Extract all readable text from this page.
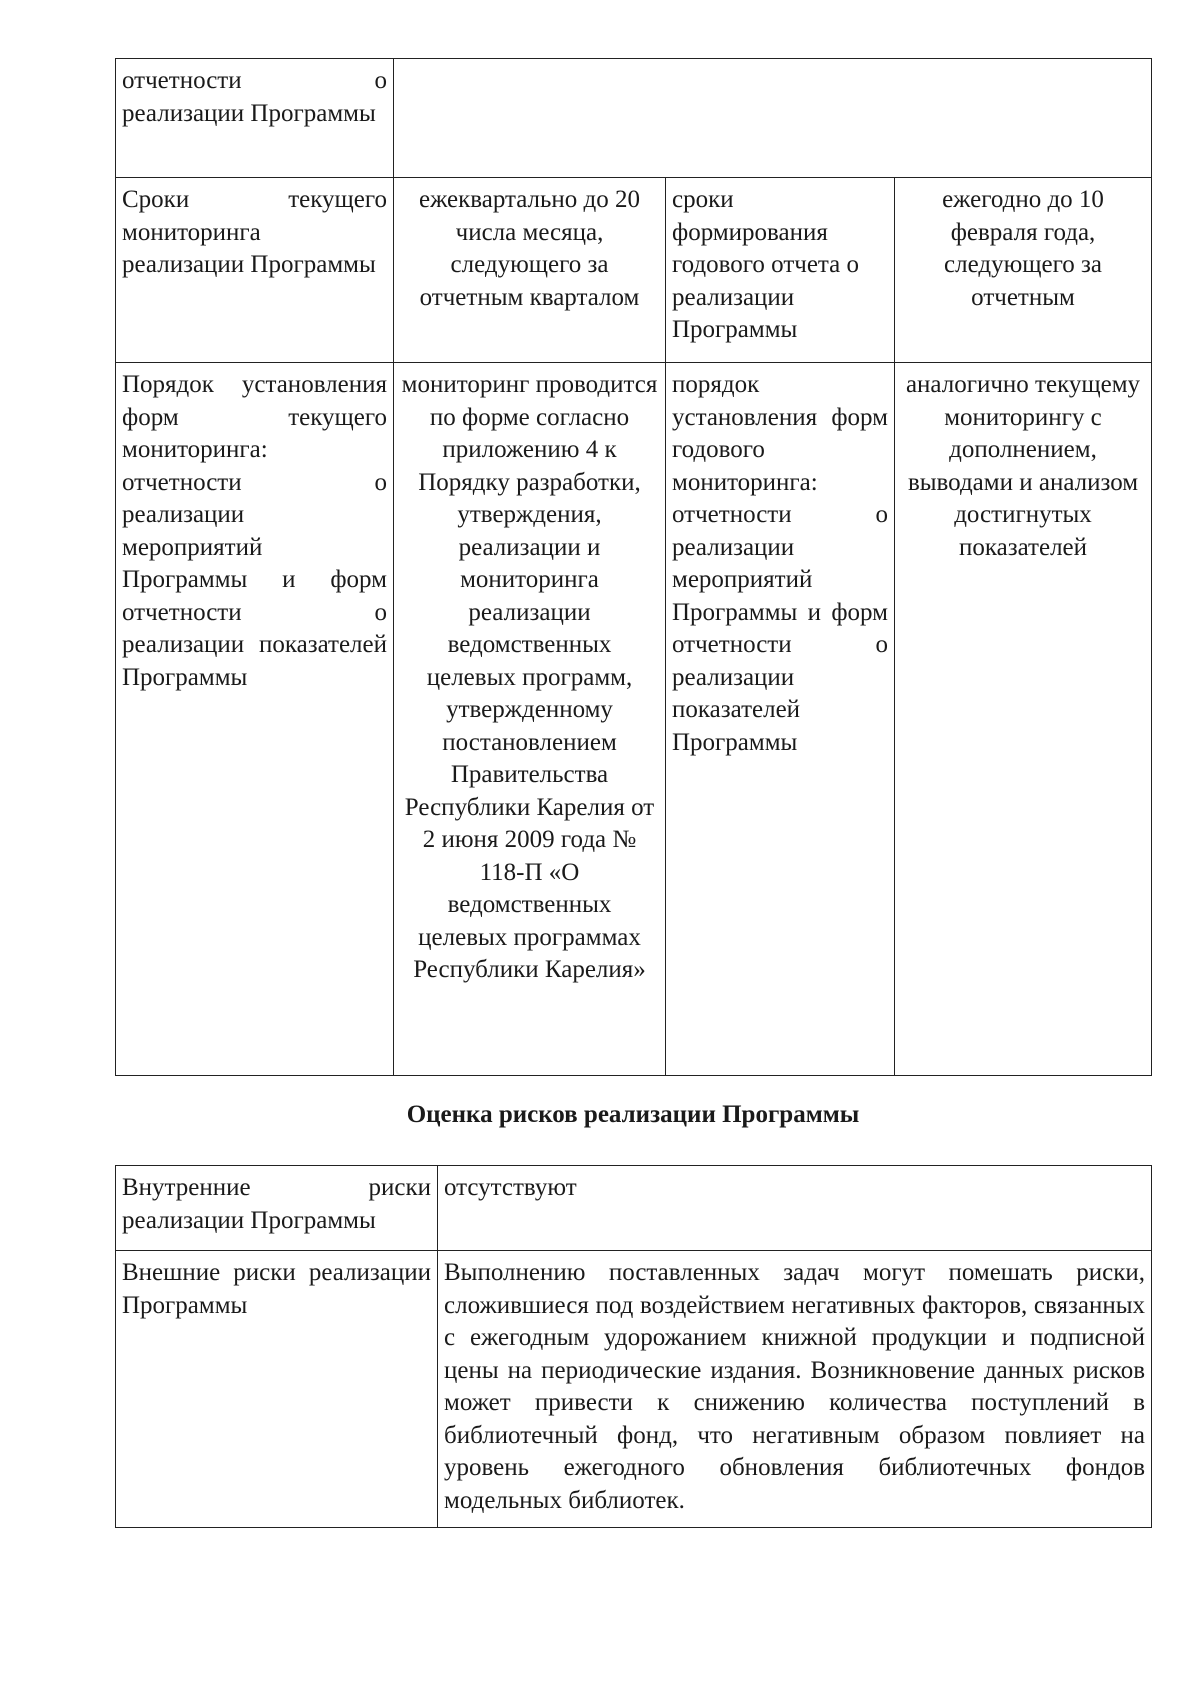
отчетности о реализации Программы			
Сроки текущего мониторинга реализации Программы	ежеквартально до 20 числа месяца, следующего за отчетным кварталом	сроки формирования годового отчета о реализации Программы	ежегодно до 10 февраля года, следующего за отчетным
Порядок установления форм текущего мониторинга: отчетности о реализации мероприятий Программы и форм отчетности о реализации показателей Программы	мониторинг проводится по форме согласно приложению 4 к Порядку разработки, утверждения, реализации и мониторинга реализации ведомственных целевых программ, утвержденному постановлением Правительства Республики Карелия от 2 июня 2009 года № 118-П «О ведомственных целевых программах Республики Карелия»	порядок установления форм годового мониторинга: отчетности о реализации мероприятий Программы и форм отчетности о реализации показателей Программы	аналогично текущему мониторингу с дополнением, выводами и анализом достигнутых показателей
Оценка рисков реализации Программы
Внутренние риски реализации Программы	отсутствуют
Внешние риски реализации Программы	Выполнению поставленных задач могут помешать риски, сложившиеся под воздействием негативных факторов, связанных с ежегодным удорожанием книжной продукции и подписной цены на периодические издания. Возникновение данных рисков может привести к снижению количества поступлений в библиотечный фонд, что негативным образом повлияет на уровень ежегодного обновления библиотечных фондов модельных библиотек.
